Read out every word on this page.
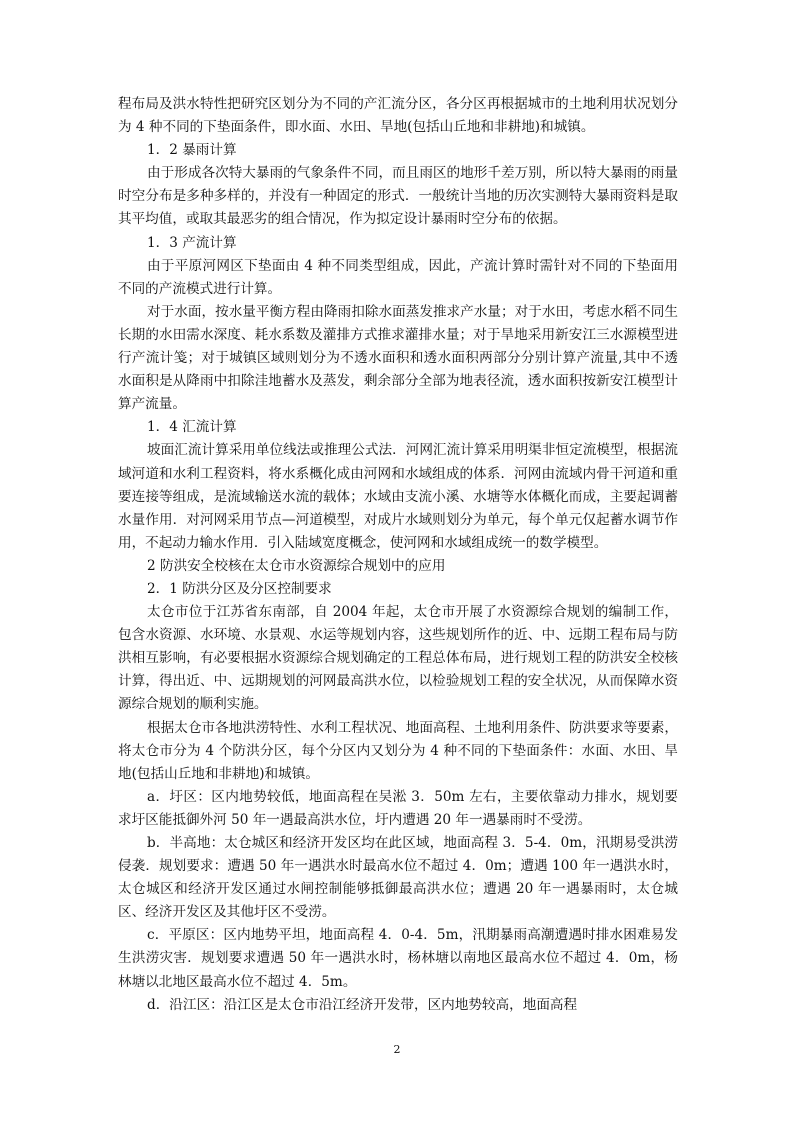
程布局及洪水特性把研究区划分为不同的产汇流分区，各分区再根据城市的土地利用状况划分为 4 种不同的下垫面条件，即水面、水田、旱地(包括山丘地和非耕地)和城镇。

1．2 暴雨计算

由于形成各次特大暴雨的气象条件不同，而且雨区的地形千差万别，所以特大暴雨的雨量时空分布是多种多样的，并没有一种固定的形式．一般统计当地的历次实测特大暴雨资料是取其平均值，或取其最恶劣的组合情况，作为拟定设计暴雨时空分布的依据。

1．3 产流计算

由于平原河网区下垫面由 4 种不同类型组成，因此，产流计算时需针对不同的下垫面用不同的产流模式进行计算。

对于水面，按水量平衡方程由降雨扣除水面蒸发推求产水量；对于水田，考虑水稻不同生长期的水田需水深度、耗水系数及灌排方式推求灌排水量；对于旱地采用新安江三水源模型进行产流计笺；对于城镇区域则划分为不透水面积和透水面积两部分分别计算产流量,其中不透水面积是从降雨中扣除洼地蓄水及蒸发，剩余部分全部为地表径流，透水面积按新安江模型计算产流量。

1．4 汇流计算

坡面汇流计算采用单位线法或推理公式法．河网汇流计算采用明渠非恒定流模型，根据流域河道和水利工程资料，将水系概化成由河网和水域组成的体系．河网由流域内骨干河道和重要连接等组成，是流域输送水流的载体；水域由支流小溪、水塘等水体概化而成，主要起调蓄水量作用．对河网采用节点—河道模型，对成片水域则划分为单元，每个单元仅起蓄水调节作用，不起动力输水作用．引入陆域宽度概念，使河网和水域组成统一的数学模型。

2 防洪安全校核在太仓市水资源综合规划中的应用

2．1 防洪分区及分区控制要求

太仓市位于江苏省东南部，自 2004 年起，太仓市开展了水资源综合规划的编制工作，包含水资源、水环境、水景观、水运等规划内容，这些规划所作的近、中、远期工程布局与防洪相互影响，有必要根据水资源综合规划确定的工程总体布局，进行规划工程的防洪安全校核计算，得出近、中、远期规划的河网最高洪水位，以检验规划工程的安全状况，从而保障水资源综合规划的顺利实施。

根据太仓市各地洪涝特性、水利工程状况、地面高程、土地利用条件、防洪要求等要素，将太仓市分为 4 个防洪分区，每个分区内又划分为 4 种不同的下垫面条件：水面、水田、旱地(包括山丘地和非耕地)和城镇。

a．圩区：区内地势较低，地面高程在吴淞 3．50m 左右，主要依靠动力排水，规划要求圩区能抵御外河 50 年一遇最高洪水位，圩内遭遇 20 年一遇暴雨时不受涝。

b．半高地：太仓城区和经济开发区均在此区域，地面高程 3．5-4．0m，汛期易受洪涝侵袭．规划要求：遭遇 50 年一遇洪水时最高水位不超过 4．0m；遭遇 100 年一遇洪水时，太仓城区和经济开发区通过水闸控制能够抵御最高洪水位；遭遇 20 年一遇暴雨时，太仓城区、经济开发区及其他圩区不受涝。

c．平原区：区内地势平坦，地面高程 4．0-4．5m，汛期暴雨高潮遭遇时排水困难易发生洪涝灾害．规划要求遭遇 50 年一遇洪水时，杨林塘以南地区最高水位不超过 4．0m，杨林塘以北地区最高水位不超过 4．5m。

d．沿江区：沿江区是太仓市沿江经济开发带，区内地势较高，地面高程

2
